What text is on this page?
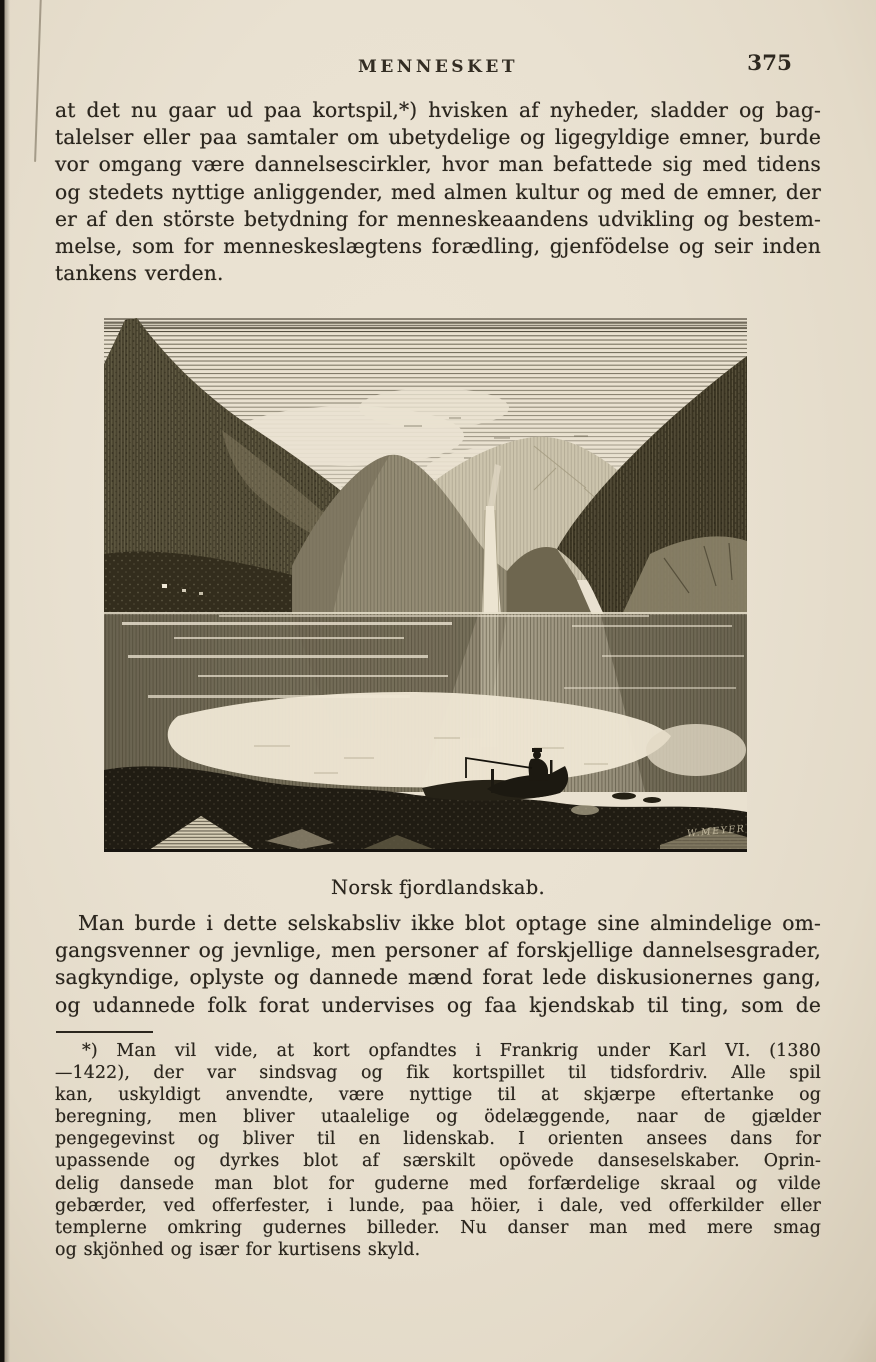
MENNESKET	375
at det nu gaar ud paa kortspil,*) hvisken af nyheder, sladder og bag-
talelser eller paa samtaler om ubetydelige og ligegyldige emner, burde
vor omgang være dannelsescirkler, hvor man befattede sig med tidens
og stedets nyttige anliggender, med almen kultur og med de emner, der
er af den störste betydning for menneskeaandens udvikling og bestem-
melse, som for menneskeslægtens forædling, gjenfödelse og seir inden
tankens verden.
W.MEYER
Norsk fjordlandskab.
Man burde i dette selskabsliv ikke blot optage sine almindelige om-
gangsvenner og jevnlige, men personer af forskjellige dannelsesgrader,
sagkyndige, oplyste og dannede mænd forat lede diskusionernes gang,
og udannede folk forat undervises og faa kjendskab til ting, som de
*) Man vil vide, at kort opfandtes i Frankrig under Karl VI. (1380
—1422), der var sindsvag og fik kortspillet til tidsfordriv. Alle spil
kan, uskyldigt anvendte, være nyttige til at skjærpe eftertanke og
beregning, men bliver utaalelige og ödelæggende, naar de gjælder
pengegevinst og bliver til en lidenskab. I orienten ansees dans for
upassende og dyrkes blot af særskilt opövede danseselskaber. Oprin-
delig dansede man blot for guderne med forfærdelige skraal og vilde
gebærder, ved offerfester, i lunde, paa höier, i dale, ved offerkilder eller
templerne omkring gudernes billeder. Nu danser man med mere smag
og skjönhed og især for kurtisens skyld.
